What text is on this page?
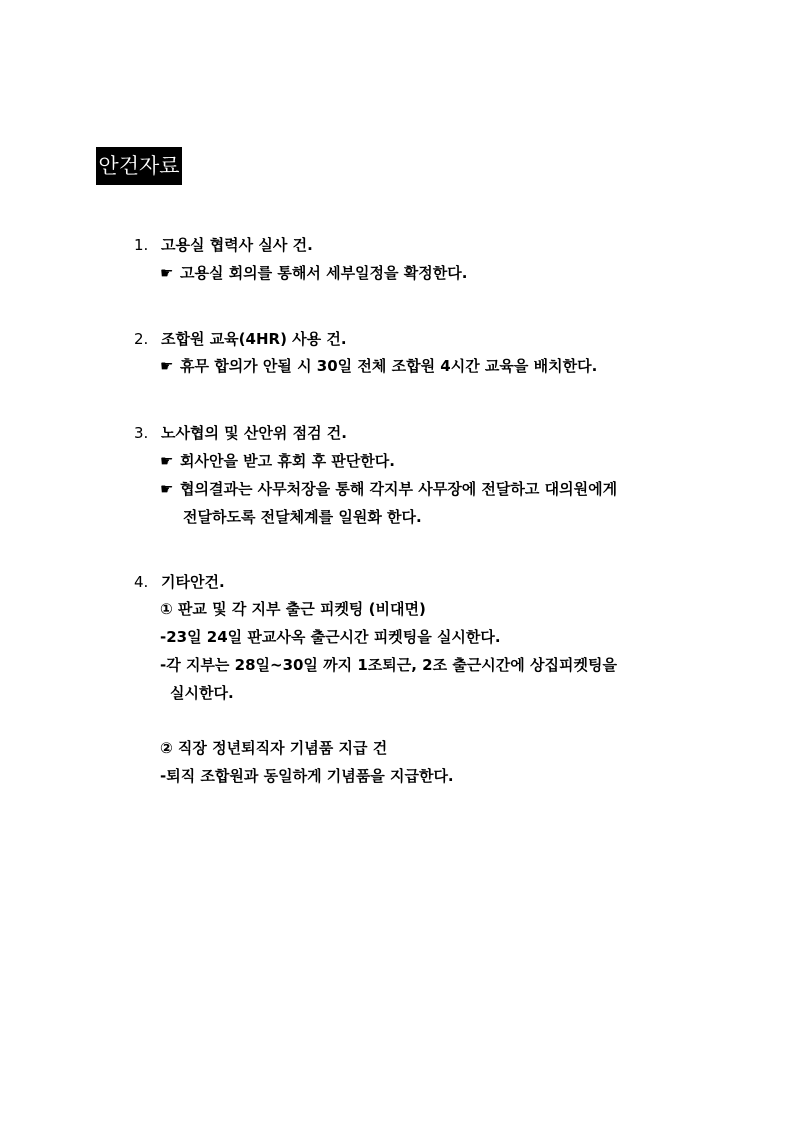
안건자료
1. 고용실 협력사 실사 건.
☛ 고용실 회의를 통해서 세부일정을 확정한다.
2. 조합원 교육(4HR) 사용 건.
☛ 휴무 합의가 안될 시 30일 전체 조합원 4시간 교육을 배치한다.
3. 노사협의 및 산안위 점검 건.
☛ 회사안을 받고 휴회 후 판단한다.
☛ 협의결과는 사무처장을 통해 각지부 사무장에 전달하고 대의원에게
전달하도록 전달체계를 일원화 한다.
4. 기타안건.
① 판교 및 각 지부 출근 피켓팅 (비대면)
-23일 24일 판교사옥 출근시간 피켓팅을 실시한다.
-각 지부는 28일~30일 까지 1조퇴근, 2조 출근시간에 상집피켓팅을
실시한다.
② 직장 정년퇴직자 기념품 지급 건
-퇴직 조합원과 동일하게 기념품을 지급한다.
